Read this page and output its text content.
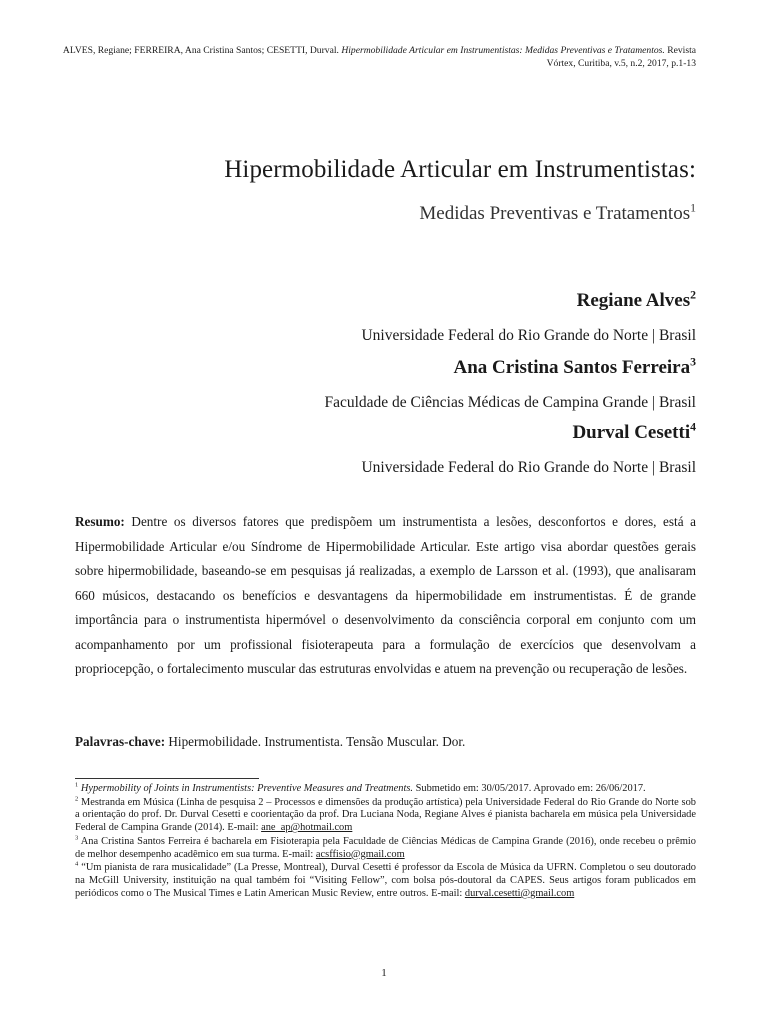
ALVES, Regiane; FERREIRA, Ana Cristina Santos; CESETTI, Durval. Hipermobilidade Articular em Instrumentistas: Medidas Preventivas e Tratamentos. Revista Vórtex, Curitiba, v.5, n.2, 2017, p.1-13
Hipermobilidade Articular em Instrumentistas:
Medidas Preventivas e Tratamentos$^1$
Regiane Alves$^2$
Universidade Federal do Rio Grande do Norte | Brasil
Ana Cristina Santos Ferreira$^3$
Faculdade de Ciências Médicas de Campina Grande | Brasil
Durval Cesetti$^4$
Universidade Federal do Rio Grande do Norte | Brasil

Resumo: Dentre os diversos fatores que predispõem um instrumentista a lesões, desconfortos e dores, está a Hipermobilidade Articular e/ou Síndrome de Hipermobilidade Articular. Este artigo visa abordar questões gerais sobre hipermobilidade, baseando-se em pesquisas já realizadas, a exemplo de Larsson et al. (1993), que analisaram 660 músicos, destacando os benefícios e desvantagens da hipermobilidade em instrumentistas. É de grande importância para o instrumentista hipermóvel o desenvolvimento da consciência corporal em conjunto com um acompanhamento por um profissional fisioterapeuta para a formulação de exercícios que desenvolvam a propriocepção, o fortalecimento muscular das estruturas envolvidas e atuem na prevenção ou recuperação de lesões.

Palavras-chave: Hipermobilidade. Instrumentista. Tensão Muscular. Dor.

$^1$ Hypermobility of Joints in Instrumentists: Preventive Measures and Treatments. Submetido em: 30/05/2017. Aprovado em: 26/06/2017.

$^2$ Mestranda em Música (Linha de pesquisa 2 – Processos e dimensões da produção artística) pela Universidade Federal do Rio Grande do Norte sob a orientação do prof. Dr. Durval Cesetti e coorientação da prof. Dra Luciana Noda, Regiane Alves é pianista bacharela em música pela Universidade Federal de Campina Grande (2014). E-mail: ane_ap@hotmail.com

$^3$ Ana Cristina Santos Ferreira é bacharela em Fisioterapia pela Faculdade de Ciências Médicas de Campina Grande (2016), onde recebeu o prêmio de melhor desempenho acadêmico em sua turma. E-mail: acsffisio@gmail.com

$^4$ “Um pianista de rara musicalidade” (La Presse, Montreal), Durval Cesetti é professor da Escola de Música da UFRN. Completou o seu doutorado na McGill University, instituição na qual também foi “Visiting Fellow”, com bolsa pós-doutoral da CAPES. Seus artigos foram publicados em periódicos como o The Musical Times e Latin American Music Review, entre outros. E-mail: durval.cesetti@gmail.com

1
